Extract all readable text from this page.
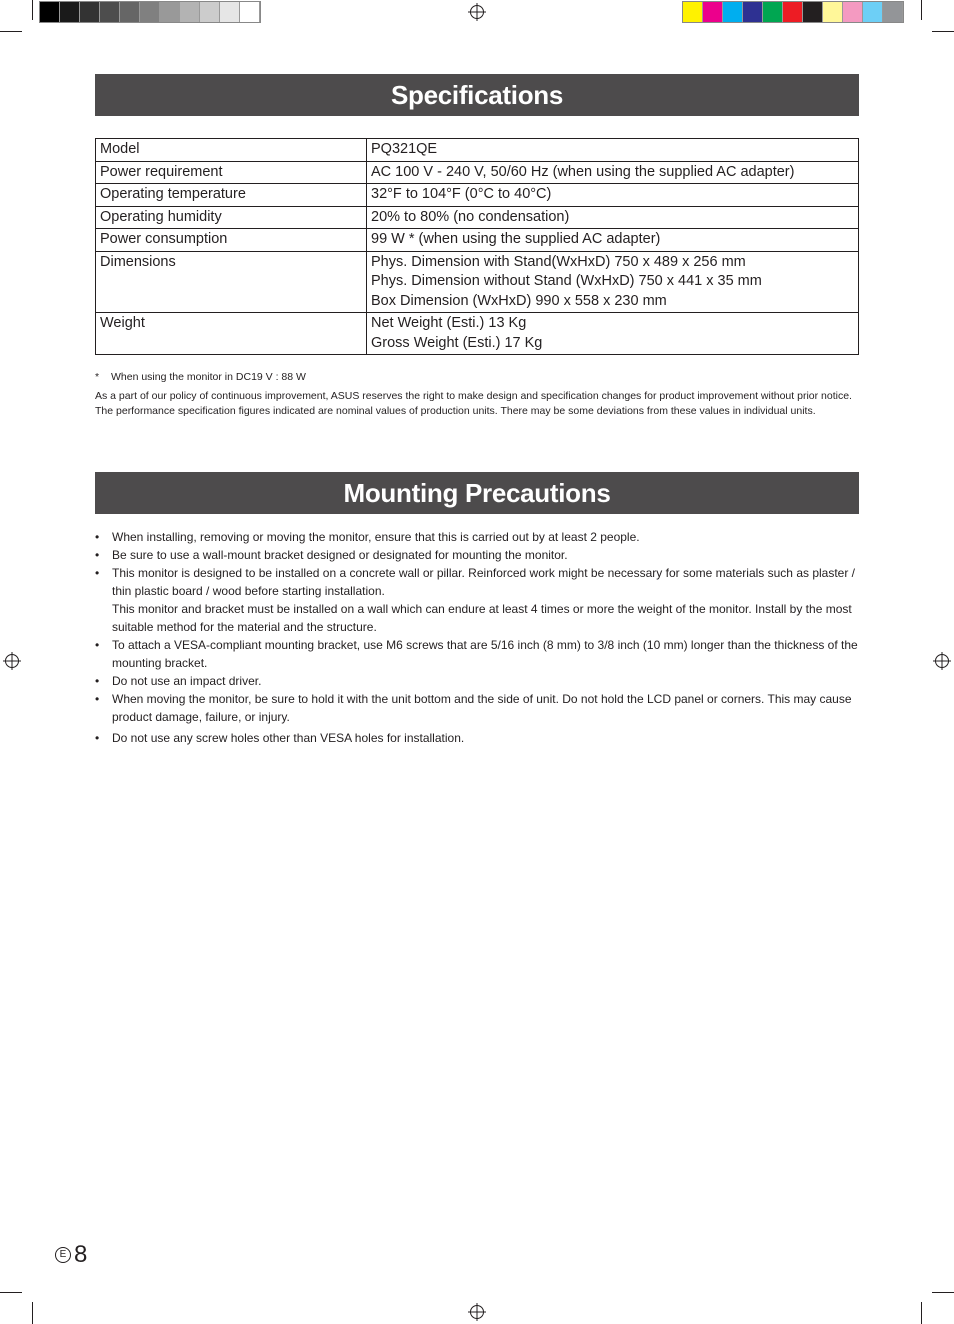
Specifications
Model	PQ321QE

Power requirement	AC 100 V - 240 V, 50/60 Hz (when using the supplied AC adapter)

Operating temperature	32°F to 104°F (0°C to 40°C)

Operating humidity	20% to 80% (no condensation)

Power consumption	99 W * (when using the supplied AC adapter)

Dimensions	Phys. Dimension with Stand(WxHxD) 750 x 489 x 256 mm
Phys. Dimension without Stand (WxHxD) 750 x 441 x 35 mm
Box Dimension (WxHxD) 990 x 558 x 230 mm

Weight	Net Weight (Esti.) 13 Kg
Gross Weight (Esti.) 17 Kg
* When using the monitor in DC19 V : 88 W

As a part of our policy of continuous improvement, ASUS reserves the right to make design and specification changes for product improvement without prior notice. The performance specification figures indicated are nominal values of production units. There may be some deviations from these values in individual units.

Mounting Precautions
• When installing, removing or moving the monitor, ensure that this is carried out by at least 2 people.
• Be sure to use a wall-mount bracket designed or designated for mounting the monitor.
• This monitor is designed to be installed on a concrete wall or pillar. Reinforced work might be necessary for some materials such as plaster / thin plastic board / wood before starting installation.
This monitor and bracket must be installed on a wall which can endure at least 4 times or more the weight of the monitor. Install by the most suitable method for the material and the structure.
• To attach a VESA-compliant mounting bracket, use M6 screws that are 5/16 inch (8 mm) to 3/8 inch (10 mm) longer than the thickness of the mounting bracket.
• Do not use an impact driver.
• When moving the monitor, be sure to hold it with the unit bottom and the side of unit. Do not hold the LCD panel or corners. This may cause product damage, failure, or injury.
• Do not use any screw holes other than VESA holes for installation.
E 8
